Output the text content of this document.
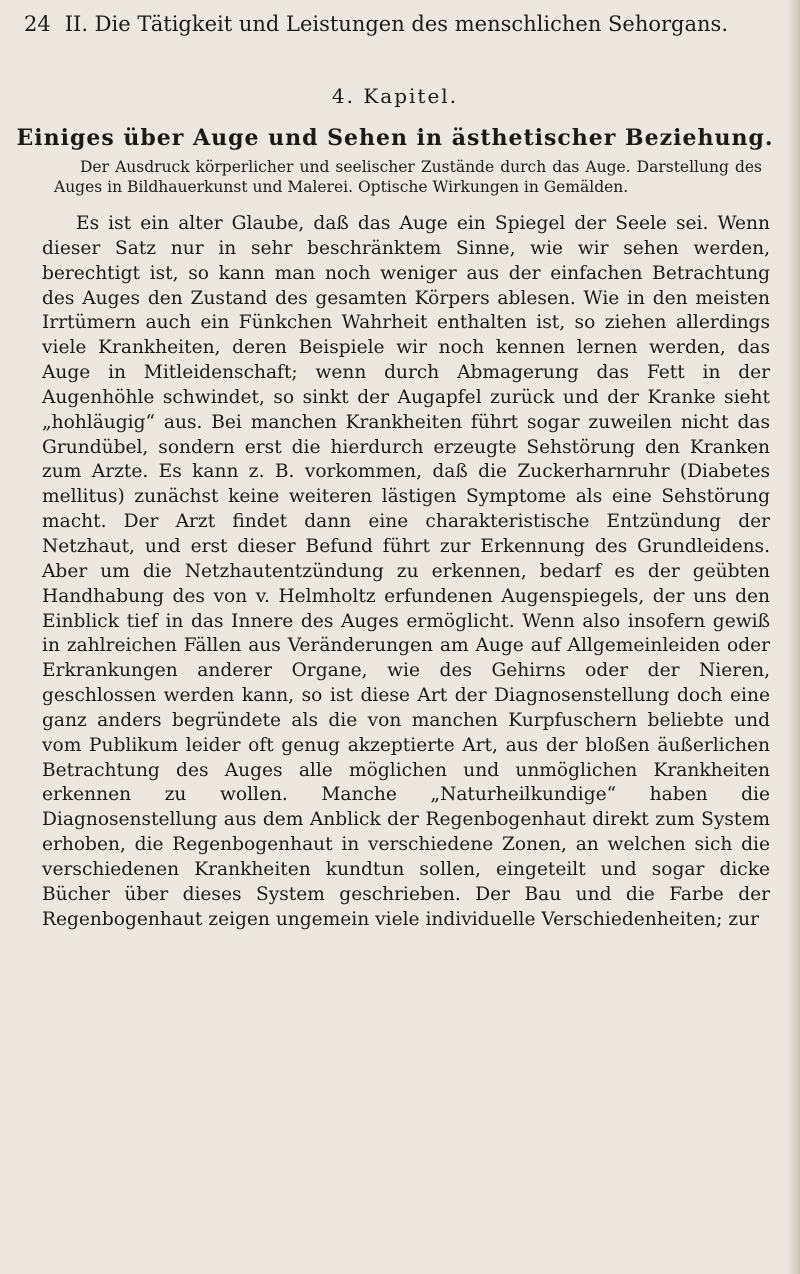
24 II. Die Tätigkeit und Leistungen des menschlichen Sehorgans.
4. Kapitel.
Einiges über Auge und Sehen in ästhetischer Beziehung.
Der Ausdruck körperlicher und seelischer Zustände durch das Auge. Darstellung des Auges in Bildhauerkunst und Malerei. Optische Wirkungen in Gemälden.

Es ist ein alter Glaube, daß das Auge ein Spiegel der Seele sei. Wenn dieser Satz nur in sehr beschränktem Sinne, wie wir sehen werden, berechtigt ist, so kann man noch weniger aus der einfachen Betrachtung des Auges den Zustand des gesamten Körpers ablesen. Wie in den meisten Irrtümern auch ein Fünkchen Wahrheit enthalten ist, so ziehen allerdings viele Krankheiten, deren Beispiele wir noch kennen lernen werden, das Auge in Mitleidenschaft; wenn durch Abmagerung das Fett in der Augenhöhle schwindet, so sinkt der Augapfel zurück und der Kranke sieht „hohläugig“ aus. Bei manchen Krankheiten führt sogar zuweilen nicht das Grundübel, sondern erst die hierdurch erzeugte Sehstörung den Kranken zum Arzte. Es kann z. B. vorkommen, daß die Zuckerharnruhr (Diabetes mellitus) zunächst keine weiteren lästigen Symptome als eine Sehstörung macht. Der Arzt findet dann eine charakteristische Entzündung der Netzhaut, und erst dieser Befund führt zur Erkennung des Grundleidens. Aber um die Netzhautentzündung zu erkennen, bedarf es der geübten Handhabung des von v. Helmholtz erfundenen Augenspiegels, der uns den Einblick tief in das Innere des Auges ermöglicht. Wenn also insofern gewiß in zahlreichen Fällen aus Veränderungen am Auge auf Allgemeinleiden oder Erkrankungen anderer Organe, wie des Gehirns oder der Nieren, geschlossen werden kann, so ist diese Art der Diagnosenstellung doch eine ganz anders begründete als die von manchen Kurpfuschern beliebte und vom Publikum leider oft genug akzeptierte Art, aus der bloßen äußerlichen Betrachtung des Auges alle möglichen und unmöglichen Krankheiten erkennen zu wollen. Manche „Naturheilkundige“ haben die Diagnosenstellung aus dem Anblick der Regenbogenhaut direkt zum System erhoben, die Regenbogenhaut in verschiedene Zonen, an welchen sich die verschiedenen Krankheiten kundtun sollen, eingeteilt und sogar dicke Bücher über dieses System geschrieben. Der Bau und die Farbe der Regenbogenhaut zeigen ungemein viele individuelle Verschiedenheiten; zur
